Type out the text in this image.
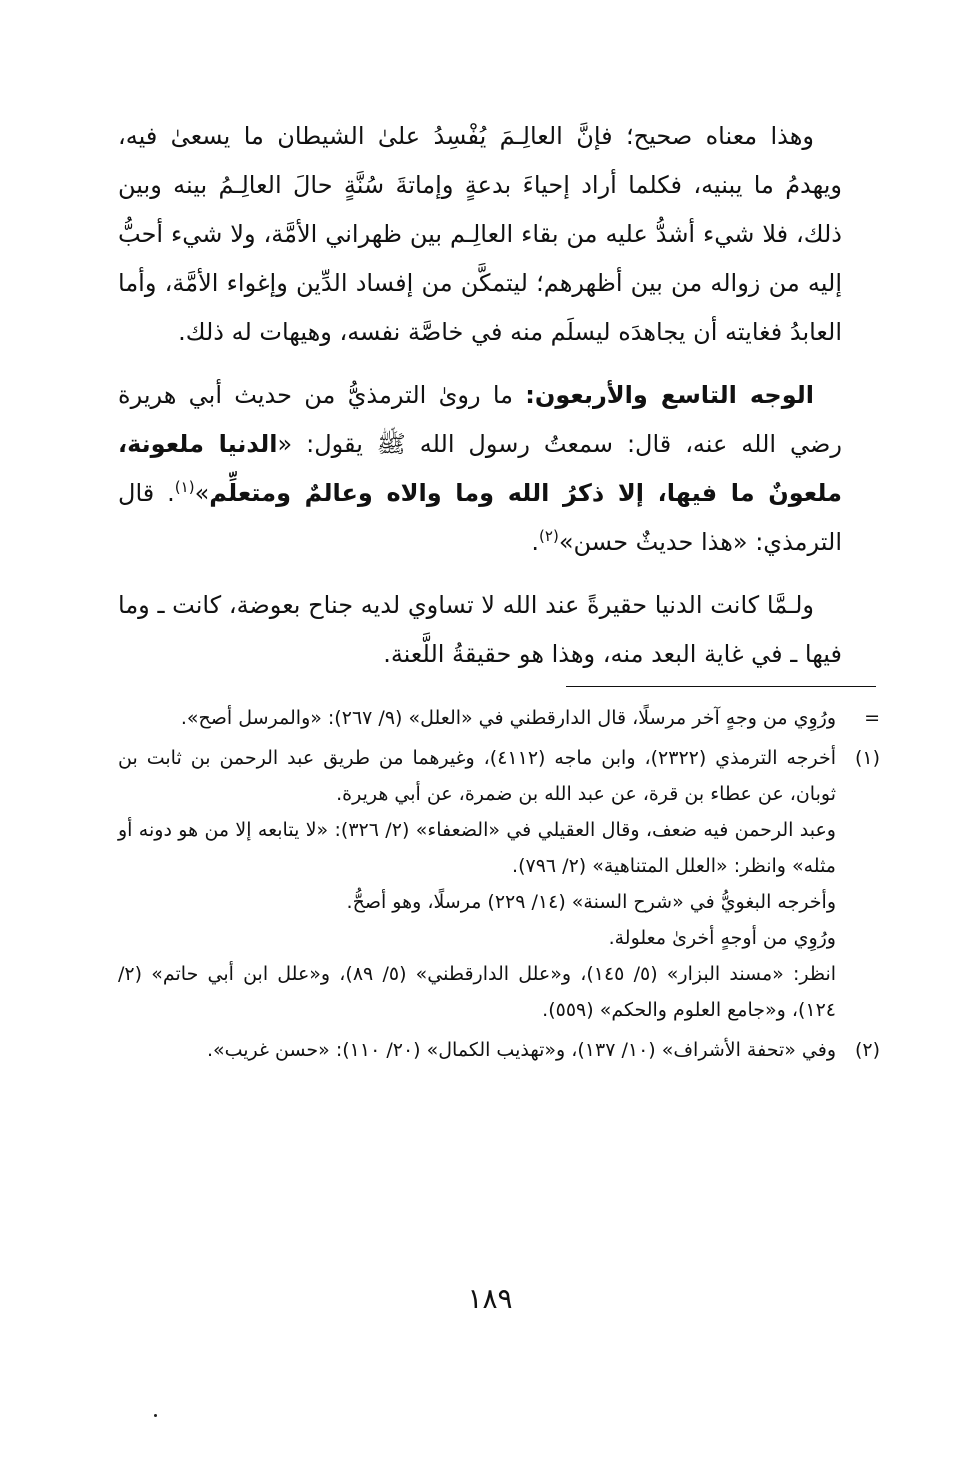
وهذا معناه صحيح؛ فإنَّ العالِـمَ يُفْسِدُ علىٰ الشيطان ما يسعىٰ فيه، ويهدمُ ما يبنيه، فكلما أراد إحياءَ بدعةٍ وإماتةَ سُنَّةٍ حالَ العالِـمُ بينه وبين ذلك، فلا شيء أشدُّ عليه من بقاء العالِـم بين ظهراني الأمَّة، ولا شيء أحبُّ إليه من زواله من بين أظهرهم؛ ليتمكَّن من إفساد الدِّين وإغواء الأمَّة، وأما العابدُ فغايته أن يجاهدَه ليسلَم منه في خاصَّة نفسه، وهيهات له ذلك.

الوجه التاسع والأربعون: ما روىٰ الترمذيُّ من حديث أبي هريرة رضي الله عنه، قال: سمعتُ رسول الله ﷺ يقول: «الدنيا ملعونة، ملعونٌ ما فيها، إلا ذكرُ الله وما والاه وعالمٌ ومتعلِّم»$^{(١)}$. قال الترمذي: «هذا حديثٌ حسن»$^{(٢)}$.

ولـمَّا كانت الدنيا حقيرةً عند الله لا تساوي لديه جناح بعوضة، كانت ـ وما فيها ـ في غاية البعد منه، وهذا هو حقيقةُ اللَّعنة.

=
ورُوِي من وجهٍ آخر مرسلًا، قال الدارقطني في «العلل» (٩/ ٢٦٧): «والمرسل أصح».
(١)
أخرجه الترمذي (٢٣٢٢)، وابن ماجه (٤١١٢)، وغيرهما من طريق عبد الرحمن بن ثابت بن ثوبان، عن عطاء بن قرة، عن عبد الله بن ضمرة، عن أبي هريرة.
وعبد الرحمن فيه ضعف، وقال العقيلي في «الضعفاء» (٢/ ٣٢٦): «لا يتابعه إلا من هو دونه أو مثله» وانظر: «العلل المتناهية» (٢/ ٧٩٦).
وأخرجه البغويُّ في «شرح السنة» (١٤/ ٢٢٩) مرسلًا، وهو أصحُّ.
ورُوِي من أوجهٍ أخرىٰ معلولة.
انظر: «مسند البزار» (٥/ ١٤٥)، و«علل الدارقطني» (٥/ ٨٩)، و«علل ابن أبي حاتم» (٢/ ١٢٤)، و«جامع العلوم والحكم» (٥٥٩).
(٢)
وفي «تحفة الأشراف» (١٠/ ١٣٧)، و«تهذيب الكمال» (٢٠/ ١١٠): «حسن غريب».
١٨٩
